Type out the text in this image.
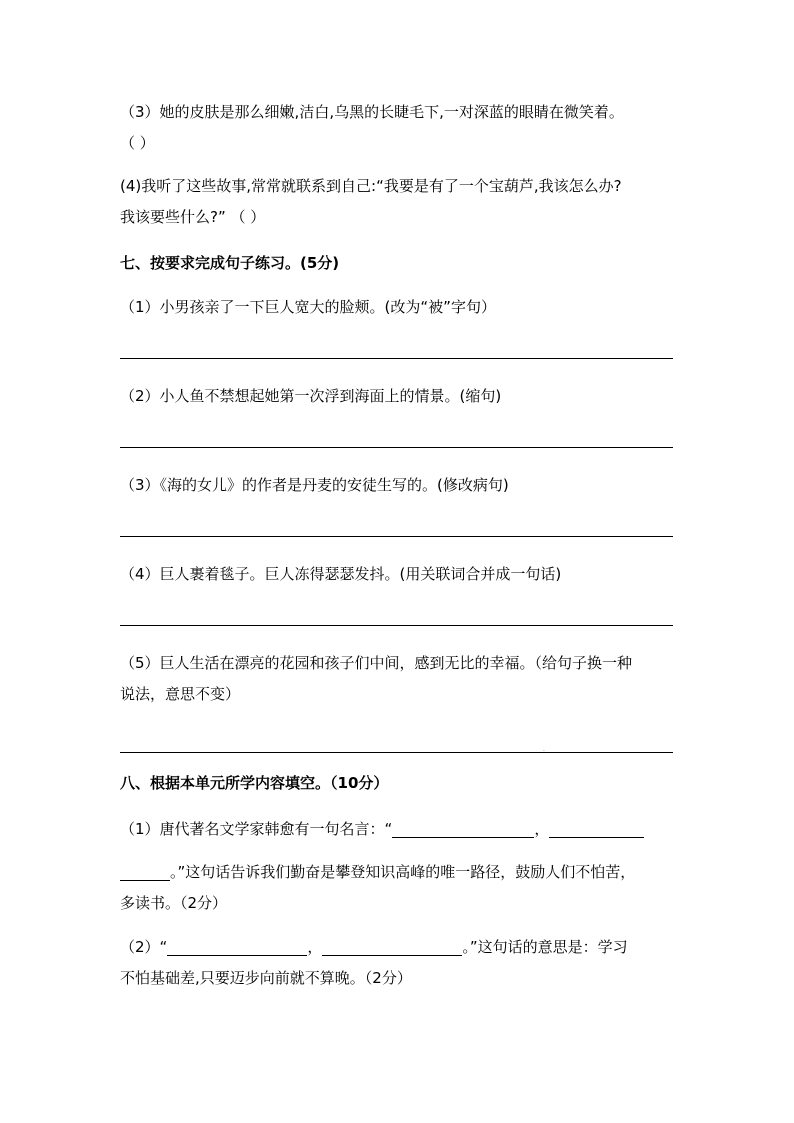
（3）她的皮肤是那么细嫩,洁白,乌黑的长睫毛下,一对深蓝的眼睛在微笑着。
（ ）
(4)我听了这些故事,常常就联系到自己:“我要是有了一个宝葫芦,我该怎么办?
我该要些什么?” （ ）
七、按要求完成句子练习。(5分)
（1）小男孩亲了一下巨人宽大的脸颊。(改为“被”字句）
（2）小人鱼不禁想起她第一次浮到海面上的情景。(缩句)
（3）《海的女儿》的作者是丹麦的安徒生写的。(修改病句)
（4）巨人裹着毯子。巨人冻得瑟瑟发抖。(用关联词合并成一句话)
（5）巨人生活在漂亮的花园和孩子们中间，感到无比的幸福。（给句子换一种
说法，意思不变）
.
八、根据本单元所学内容填空。（10分）
（1）唐代著名文学家韩愈有一句名言：“	，
。”这句话告诉我们勤奋是攀登知识高峰的唯一路径，鼓励人们不怕苦，
多读书。（2分）
（2）“	，	。”这句话的意思是：学习
不怕基础差,只要迈步向前就不算晚。（2分）
